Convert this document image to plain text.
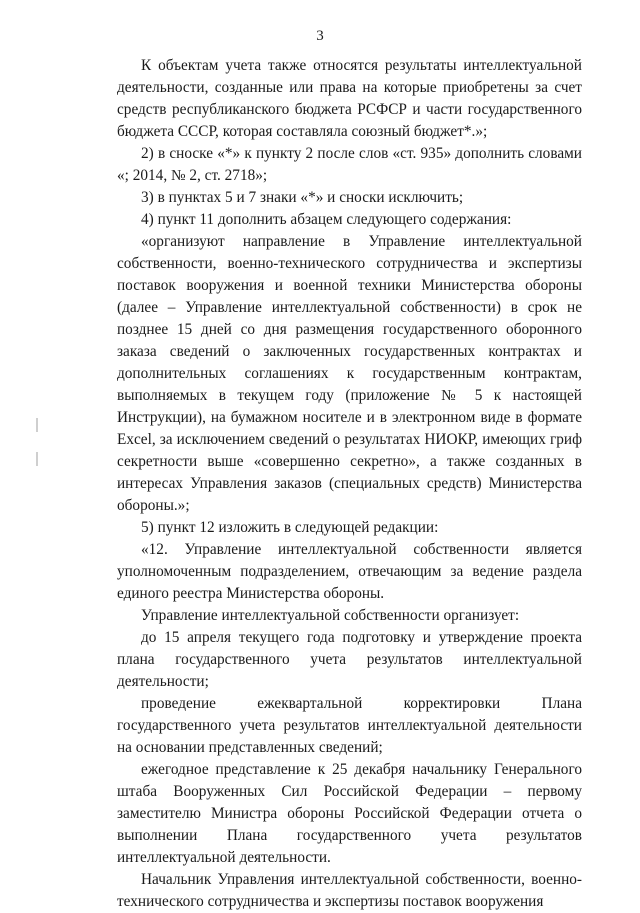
3

К объектам учета также относятся результаты интеллектуальной деятельности, созданные или права на которые приобретены за счет средств республиканского бюджета РСФСР и части государственного бюджета СССР, которая составляла союзный бюджет*.»;

2) в сноске «*» к пункту 2 после слов «ст. 935» дополнить словами «; 2014, № 2, ст. 2718»;

3) в пунктах 5 и 7 знаки «*» и сноски исключить;

4) пункт 11 дополнить абзацем следующего содержания:

«организуют направление в Управление интеллектуальной собственности, военно-технического сотрудничества и экспертизы поставок вооружения и военной техники Министерства обороны (далее – Управление интеллектуальной собственности) в срок не позднее 15 дней со дня размещения государственного оборонного заказа сведений о заключенных государственных контрактах и дополнительных соглашениях к государственным контрактам, выполняемых в текущем году (приложение № 5 к настоящей Инструкции), на бумажном носителе и в электронном виде в формате Excel, за исключением сведений о результатах НИОКР, имеющих гриф секретности выше «совершенно секретно», а также созданных в интересах Управления заказов (специальных средств) Министерства обороны.»;

5) пункт 12 изложить в следующей редакции:

«12. Управление интеллектуальной собственности является уполномоченным подразделением, отвечающим за ведение раздела единого реестра Министерства обороны.

Управление интеллектуальной собственности организует:

до 15 апреля текущего года подготовку и утверждение проекта плана государственного учета результатов интеллектуальной деятельности;

проведение ежеквартальной корректировки Плана государственного учета результатов интеллектуальной деятельности на основании представленных сведений;

ежегодное представление к 25 декабря начальнику Генерального штаба Вооруженных Сил Российской Федерации – первому заместителю Министра обороны Российской Федерации отчета о выполнении Плана государственного учета результатов интеллектуальной деятельности.

Начальник Управления интеллектуальной собственности, военно-технического сотрудничества и экспертизы поставок вооружения
